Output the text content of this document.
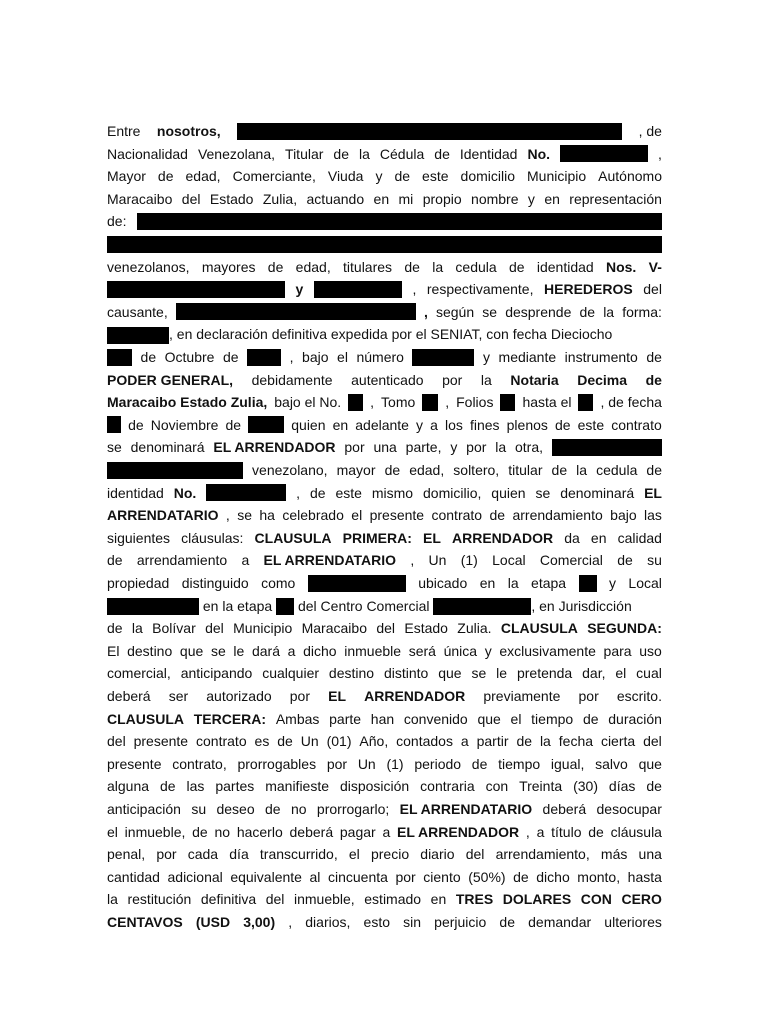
Entre nosotros,	, de
Nacionalidad Venezolana, Titular de la Cédula de Identidad No.	,
Mayor de edad, Comerciante, Viuda y de este domicilio Municipio Autónomo
Maracaibo del Estado Zulia, actuando en mi propio nombre y en representación
de:
venezolanos, mayores de edad, titulares de la cedula de identidad Nos. V-
y	, respectivamente, HEREDEROS del
causante,	, según se desprende de la forma:
, en declaración definitiva expedida por el SENIAT, con fecha Dieciocho
de Octubre de	, bajo el número	y mediante instrumento de
PODER GENERAL, debidamente autenticado por la Notaria Decima de
Maracaibo Estado Zulia, bajo el No. , Tomo , Folios hasta el , de fecha
de Noviembre de	quien en adelante y a los fines plenos de este contrato
se denominará EL ARRENDADOR por una parte, y por la otra,
venezolano, mayor de edad, soltero, titular de la cedula de
identidad No.	, de este mismo domicilio, quien se denominará EL
ARRENDATARIO , se ha celebrado el presente contrato de arrendamiento bajo las
siguientes cláusulas: CLAUSULA PRIMERA: EL ARRENDADOR da en calidad
de arrendamiento a EL ARRENDATARIO , Un (1) Local Comercial de su
propiedad distinguido como	ubicado en la etapa	y Local
en la etapa del Centro Comercial	, en Jurisdicción
de la Bolívar del Municipio Maracaibo del Estado Zulia. CLAUSULA SEGUNDA:
El destino que se le dará a dicho inmueble será única y exclusivamente para uso
comercial, anticipando cualquier destino distinto que se le pretenda dar, el cual
deberá ser autorizado por EL ARRENDADOR previamente por escrito.
CLAUSULA TERCERA: Ambas parte han convenido que el tiempo de duración
del presente contrato es de Un (01) Año, contados a partir de la fecha cierta del
presente contrato, prorrogables por Un (1) periodo de tiempo igual, salvo que
alguna de las partes manifieste disposición contraria con Treinta (30) días de
anticipación su deseo de no prorrogarlo; EL ARRENDATARIO deberá desocupar
el inmueble, de no hacerlo deberá pagar a EL ARRENDADOR , a título de cláusula
penal, por cada día transcurrido, el precio diario del arrendamiento, más una
cantidad adicional equivalente al cincuenta por ciento (50%) de dicho monto, hasta
la restitución definitiva del inmueble, estimado en TRES DOLARES CON CERO
CENTAVOS (USD 3,00) , diarios, esto sin perjuicio de demandar ulteriores
